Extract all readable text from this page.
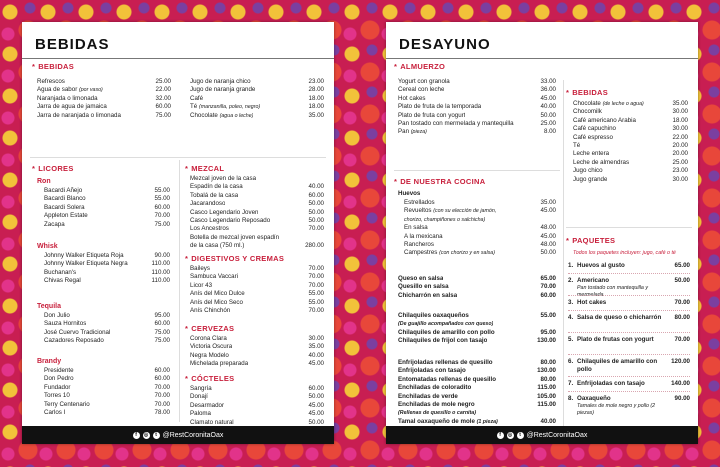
BEBIDAS
* BEBIDAS
Refrescos	25.00
Agua de sabor (por vaso)	22.00
Naranjada o limonada	32.00
Jarra de agua de jamaica	60.00
Jarra de naranjada o limonada	75.00
Jugo de naranja chico	23.00
Jugo de naranja grande	28.00
Café	18.00
Té (manzanilla, poleo, negro)	18.00
Chocolate (agua o leche)	35.00
* LICORES
Ron
Bacardi Añejo	55.00
Bacardi Blanco	55.00
Bacardi Solera	60.00
Appleton Estate	70.00
Zacapa	75.00
Whisk
Johnny Walker Etiqueta Roja	90.00
Johnny Walker Etiqueta Negra	110.00
Buchanan's	110.00
Chivas Regal	110.00
Tequila
Don Julio	95.00
Sauza Hornitos	60.00
José Cuervo Tradicional	75.00
Cazadores Reposado	75.00
Brandy
Presidente	60.00
Don Pedro	60.00
Fundador	70.00
Torres 10	70.00
Terry Centenario	70.00
Carlos I	78.00
* MEZCAL
Mezcal joven de la casa
Espadín de la casa	40.00
Tobalá de la casa	60.00
Jacarandoso	50.00
Casco Legendario Joven	50.00
Casco Legendario Reposado	50.00
Los Ancestros	70.00
Botella de mezcal joven espadín
de la casa (750 ml.)	280.00
* DIGESTIVOS Y CREMAS
Baileys	70.00
Sambuca Vaccari	70.00
Licor 43	70.00
Anís del Mico Dulce	55.00
Anís del Mico Seco	55.00
Anís Chinchón	70.00
* CERVEZAS
Corona Clara	30.00
Victoria Oscura	35.00
Negra Modelo	40.00
Michelada preparada	45.00
* CÓCTELES
Sangría	60.00
Donají	50.00
Desarmador	45.00
Paloma	45.00
Clamato natural	50.00
f	◎	t @RestCoronitaOax
DESAYUNO
* ALMUERZO
Yogurt con granola	33.00
Cereal con leche	36.00
Hot cakes	45.00
Plato de fruta de la temporada	40.00
Plato de fruta con yogurt	50.00
Pan tostado con mermelada y mantequilla	25.00
Pan (pieza)	8.00
* DE NUESTRA COCINA
Huevos
Estrellados	35.00
Revueltos (con su elección de jamón, chorizo, champiñones o salchicha)
45.00
En salsa	48.00
A la mexicana	45.00
Rancheros	48.00
Campestres (con chorizo y en salsa)	50.00
Queso en salsa	65.00
Quesillo en salsa	70.00
Chicharrón en salsa	60.00
Chilaquiles oaxaqueños	55.00
(De guajillo acompañados con queso)
Chilaquiles de amarillo con pollo	95.00
Chilaquiles de frijol con tasajo	130.00
Enfrijoladas rellenas de quesillo	80.00
Enfrijoladas con tasajo	130.00
Entomatadas rellenas de quesillo	80.00
Enchiladas de coloradito	115.00
Enchiladas de verde	105.00
Enchiladas de mole negro	115.00
(Rellenas de quesillo o carnita)
Tamal oaxaqueño de mole (1 pieza)	40.00
* BEBIDAS
Chocolate (de leche o agua)	35.00
Chocomilk	30.00
Café americano Arabia	18.00
Café capuchino	30.00
Café espresso	22.00
Té	20.00
Leche entera	20.00
Leche de almendras	25.00
Jugo chico	23.00
Jugo grande	30.00
* PAQUETES
Todos los paquetes incluyen: jugo, café o té
1. Huevos al gusto	65.00
2. Americano
Pan tostado con mantequilla y mermelada
50.00
3. Hot cakes	70.00
4. Salsa de queso o chicharrón	80.00
5. Plato de frutas con yogurt	70.00
6. Chilaquiles de amarillo con pollo
120.00
7. Enfrijoladas con tasajo	140.00
8. Oaxaqueño
Tamales de mole negro y pollo (2 piezas)
90.00
f	◎	t @RestCoronitaOax
